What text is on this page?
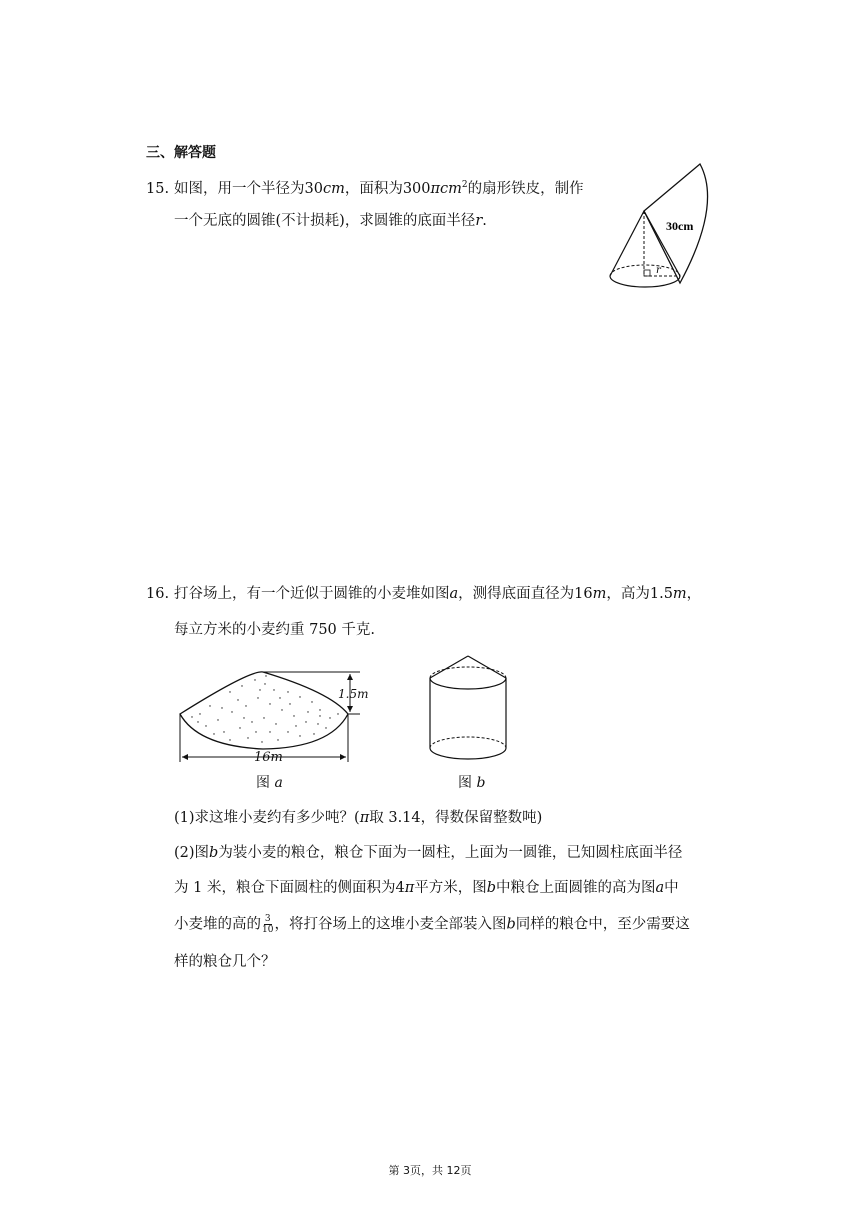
三、解答题
15. 如图，用一个半径为30cm，面积为300πcm$^2$的扇形铁皮，制作
一个无底的圆锥(不计损耗)，求圆锥的底面半径r.
r
30cm
16. 打谷场上，有一个近似于圆锥的小麦堆如图a，测得底面直径为16m，高为1.5m，
每立方米的小麦约重 750 千克.
16m
1.5m
图 a	图 b
(1)求这堆小麦约有多少吨？(π取 3.14，得数保留整数吨)
(2)图b为装小麦的粮仓，粮仓下面为一圆柱，上面为一圆锥，已知圆柱底面半径
为 1 米，粮仓下面圆柱的侧面积为4π平方米，图b中粮仓上面圆锥的高为图a中
小麦堆的高的 $\frac{3}{10}$ ，将打谷场上的这堆小麦全部装入图b同样的粮仓中，至少需要这
样的粮仓几个？
第 3页，共 12页
